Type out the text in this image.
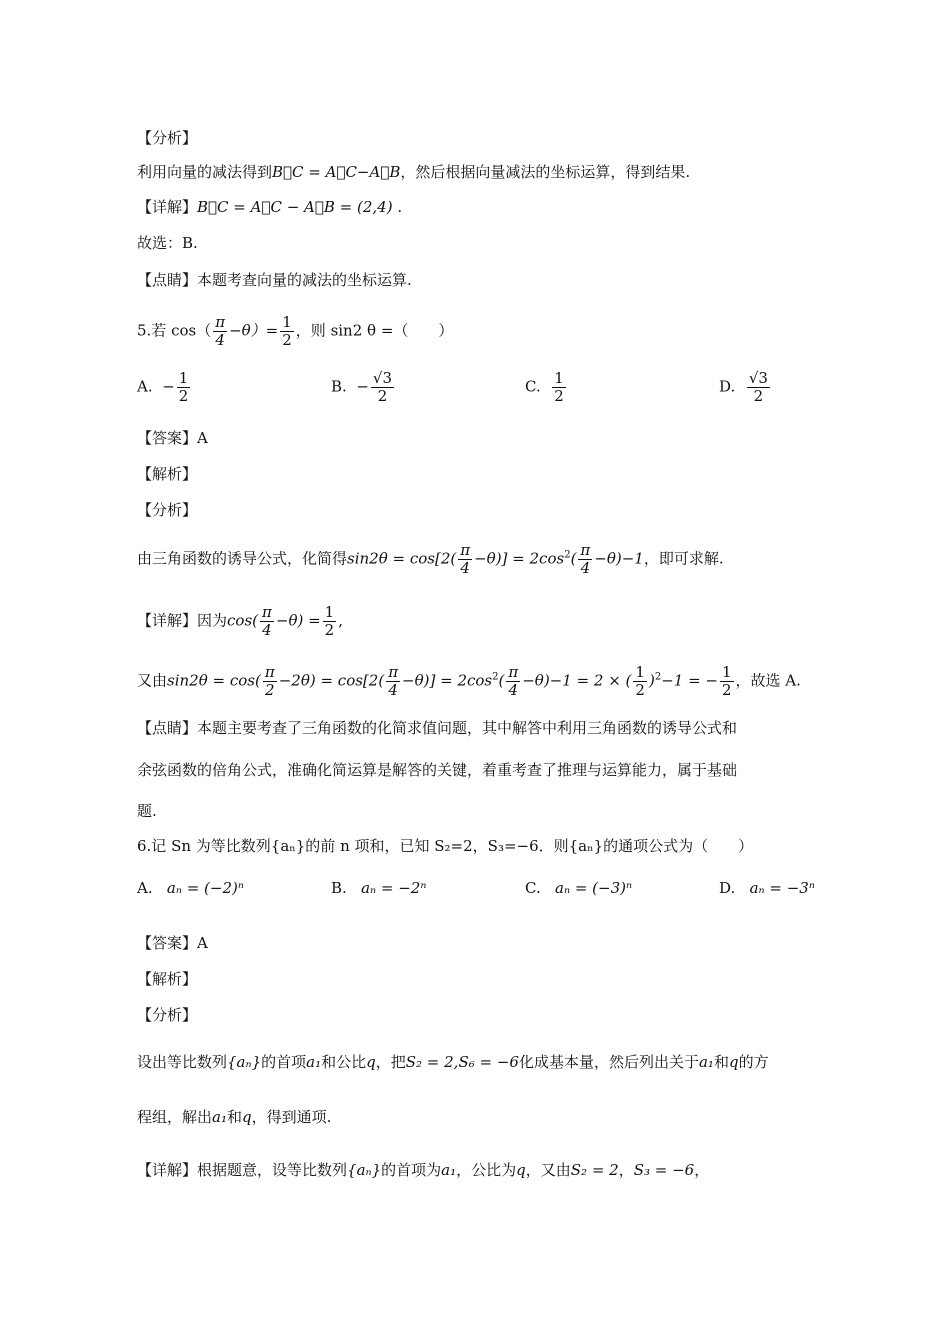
【分析】
利用向量的减法得到B⃗C = A⃗C−A⃗B，然后根据向量减法的坐标运算，得到结果.
【详解】B⃗C = A⃗C − A⃗B = (2,4) .
故选：B.
【点睛】本题考查向量的减法的坐标运算.
5.若 $\cos( \frac{\pi}{4} -\theta)= \frac{1}{2}$ ，则 sin2 θ =（　　）
A. − $\frac{1}{2}$	B. − $\frac{√3}{2}$	C. $\frac{1}{2}$	D. $\frac{√3}{2}$
【答案】A
【解析】
【分析】
由三角函数的诱导公式，化简得$\sin 2\theta = \cos[2( \frac{\pi}{4} -\theta)] = 2\cos^2( \frac{\pi}{4} -\theta)-1$，即可求解.
【详解】因为$\cos( \frac{\pi}{4} -\theta) = \frac{1}{2}$ ,
又由$\sin 2\theta = \cos( \frac{\pi}{2} -2\theta) = \cos[2( \frac{\pi}{4} -\theta)] = 2\cos^2( \frac{\pi}{4} -\theta)-1 = 2$ × ( $\frac{1}{2} )^2-1$ = − $\frac{1}{2}$ ，故选 A.
【点睛】本题主要考查了三角函数的化简求值问题，其中解答中利用三角函数的诱导公式和
余弦函数的倍角公式，准确化简运算是解答的关键，着重考查了推理与运算能力，属于基础
题.
6.记 Sn 为等比数列{aₙ}的前 n 项和，已知 S₂=2，S₃=−6．则{aₙ}的通项公式为（　　）
A. aₙ = (−2)ⁿ	B. aₙ = −2ⁿ	C. aₙ = (−3)ⁿ	D. aₙ = −3ⁿ
【答案】A
【解析】
【分析】
设出等比数列{aₙ}的首项a₁和公比q，把S₂ = 2,S₆ = −6化成基本量，然后列出关于a₁和q的方
程组，解出a₁和q，得到通项.
【详解】根据题意，设等比数列{aₙ}的首项为a₁，公比为q，又由S₂ = 2，S₃ = −6，
